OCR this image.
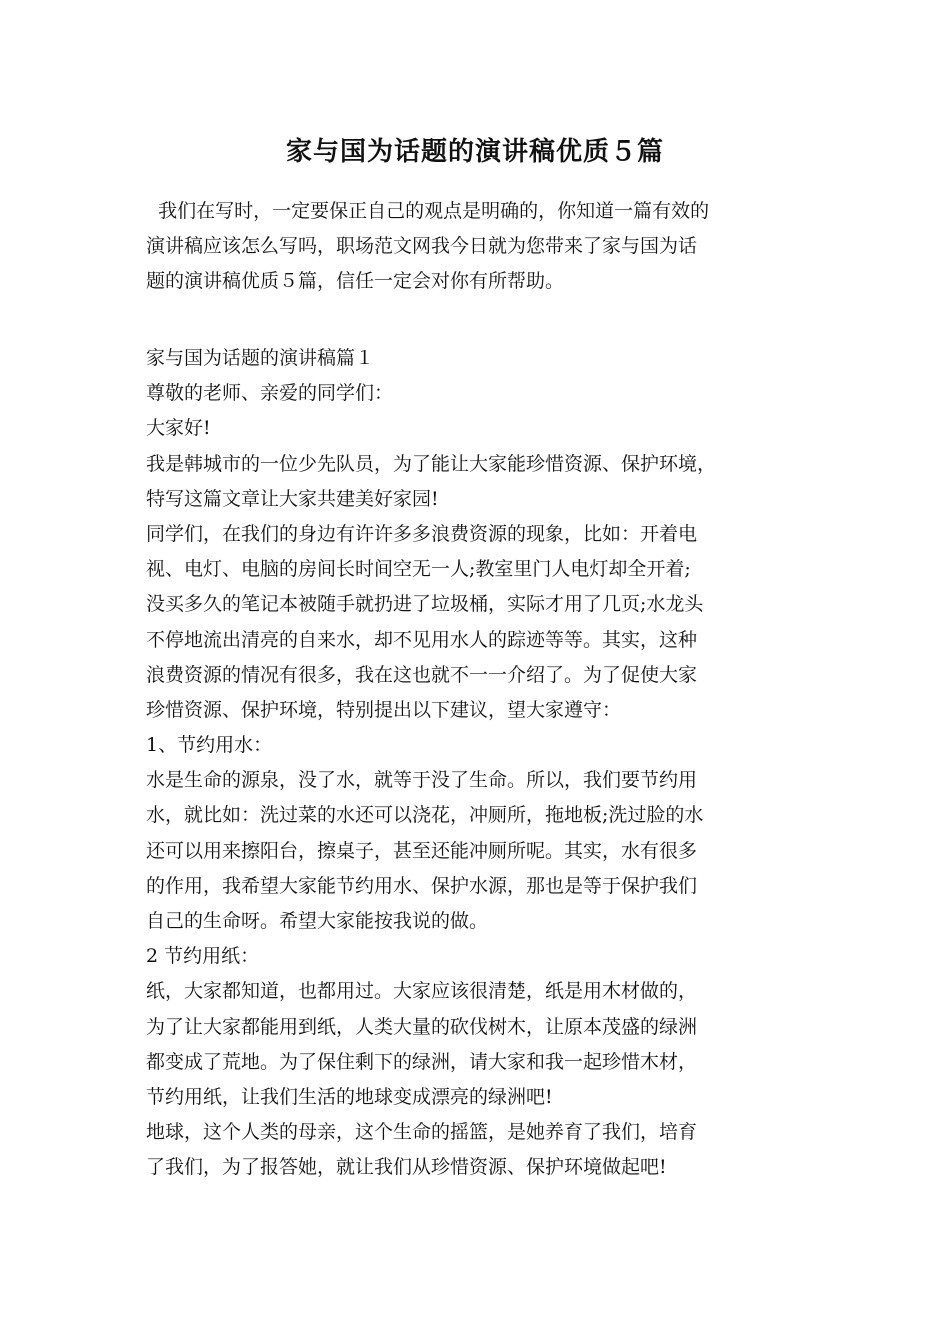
家与国为话题的演讲稿优质５篇
我们在写时，一定要保正自己的观点是明确的，你知道一篇有效的
演讲稿应该怎么写吗，职场范文网我今日就为您带来了家与国为话
题的演讲稿优质５篇，信任一定会对你有所帮助。
家与国为话题的演讲稿篇１
尊敬的老师、亲爱的同学们：
大家好!
我是韩城市的一位少先队员，为了能让大家能珍惜资源、保护环境，
特写这篇文章让大家共建美好家园!
同学们，在我们的身边有许许多多浪费资源的现象，比如：开着电
视、电灯、电脑的房间长时间空无一人;教室里门人电灯却全开着;
没买多久的笔记本被随手就扔进了垃圾桶，实际才用了几页;水龙头
不停地流出清亮的自来水，却不见用水人的踪迹等等。其实，这种
浪费资源的情况有很多，我在这也就不一一介绍了。为了促使大家
珍惜资源、保护环境，特别提出以下建议，望大家遵守：
1、节约用水：
水是生命的源泉，没了水，就等于没了生命。所以，我们要节约用
水，就比如：洗过菜的水还可以浇花，冲厕所，拖地板;洗过脸的水
还可以用来擦阳台，擦桌子，甚至还能冲厕所呢。其实，水有很多
的作用，我希望大家能节约用水、保护水源，那也是等于保护我们
自己的生命呀。希望大家能按我说的做。
2 节约用纸：
纸，大家都知道，也都用过。大家应该很清楚，纸是用木材做的，
为了让大家都能用到纸，人类大量的砍伐树木，让原本茂盛的绿洲
都变成了荒地。为了保住剩下的绿洲，请大家和我一起珍惜木材，
节约用纸，让我们生活的地球变成漂亮的绿洲吧!
地球，这个人类的母亲，这个生命的摇篮，是她养育了我们，培育
了我们，为了报答她，就让我们从珍惜资源、保护环境做起吧!
